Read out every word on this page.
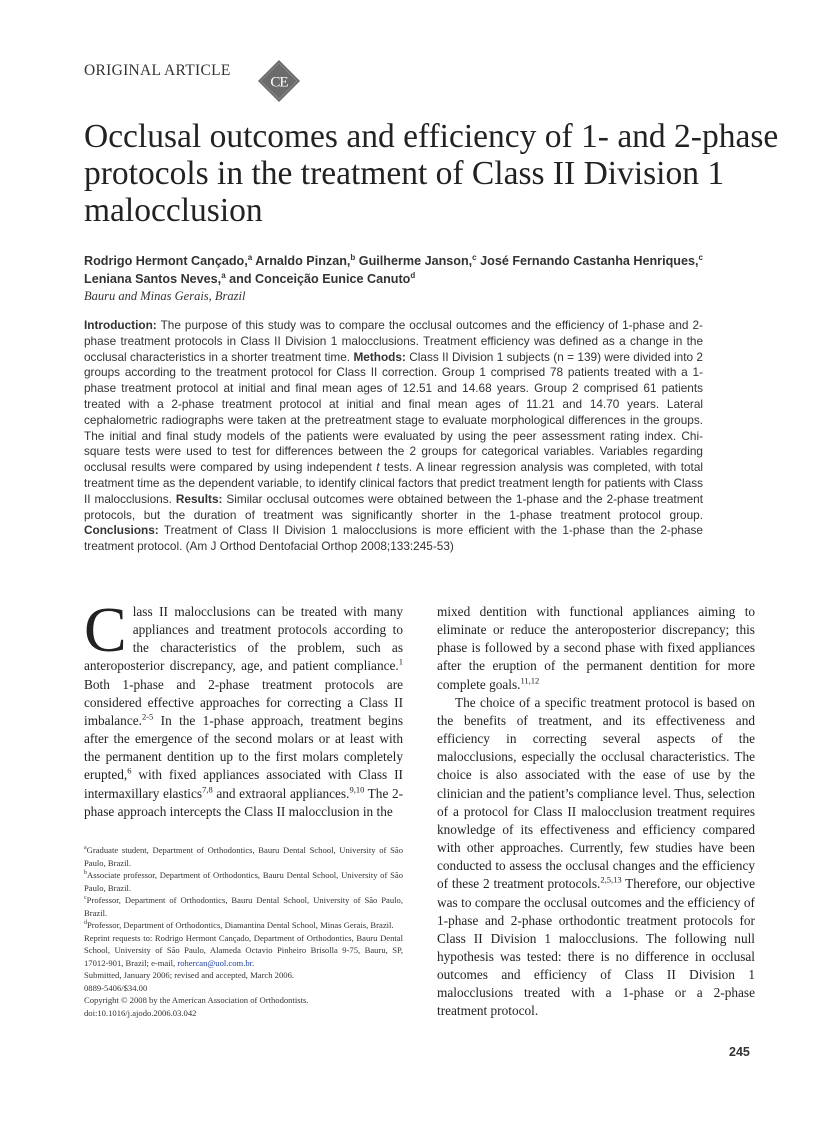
ORIGINAL ARTICLE
CE
Occlusal outcomes and efficiency of 1- and 2-phase protocols in the treatment of Class II Division 1 malocclusion
Rodrigo Hermont Cançado,$^a$ Arnaldo Pinzan,$^b$ Guilherme Janson,$^c$ José Fernando Castanha Henriques,$^c$
Leniana Santos Neves,$^a$ and Conceição Eunice Canuto$^d$
Bauru and Minas Gerais, Brazil
Introduction: The purpose of this study was to compare the occlusal outcomes and the efficiency of 1-phase and 2-phase treatment protocols in Class II Division 1 malocclusions. Treatment efficiency was defined as a change in the occlusal characteristics in a shorter treatment time. Methods: Class II Division 1 subjects (n = 139) were divided into 2 groups according to the treatment protocol for Class II correction. Group 1 comprised 78 patients treated with a 1-phase treatment protocol at initial and final mean ages of 12.51 and 14.68 years. Group 2 comprised 61 patients treated with a 2-phase treatment protocol at initial and final mean ages of 11.21 and 14.70 years. Lateral cephalometric radiographs were taken at the pretreatment stage to evaluate morphological differences in the groups. The initial and final study models of the patients were evaluated by using the peer assessment rating index. Chi-square tests were used to test for differences between the 2 groups for categorical variables. Variables regarding occlusal results were compared by using independent t tests. A linear regression analysis was completed, with total treatment time as the dependent variable, to identify clinical factors that predict treatment length for patients with Class II malocclusions. Results: Similar occlusal outcomes were obtained between the 1-phase and the 2-phase treatment protocols, but the duration of treatment was significantly shorter in the 1-phase treatment protocol group. Conclusions: Treatment of Class II Division 1 malocclusions is more efficient with the 1-phase than the 2-phase treatment protocol. (Am J Orthod Dentofacial Orthop 2008;133:245-53)

Class II malocclusions can be treated with many appliances and treatment protocols according to the characteristics of the problem, such as anteroposterior discrepancy, age, and patient compliance.$^1$ Both 1-phase and 2-phase treatment protocols are considered effective approaches for correcting a Class II imbalance.$^{2-5}$ In the 1-phase approach, treatment begins after the emergence of the second molars or at least with the permanent dentition up to the first molars completely erupted,$^6$ with fixed appliances associated with Class II intermaxillary elastics$^{7,8}$ and extraoral appliances.$^{9,10}$ The 2-phase approach intercepts the Class II malocclusion in the

$^a$Graduate student, Department of Orthodontics, Bauru Dental School, University of São Paulo, Brazil.
$^b$Associate professor, Department of Orthodontics, Bauru Dental School, University of São Paulo, Brazil.
$^c$Professor, Department of Orthodontics, Bauru Dental School, University of São Paulo, Brazil.
$^d$Professor, Department of Orthodontics, Diamantina Dental School, Minas Gerais, Brazil.
Reprint requests to: Rodrigo Hermont Cançado, Department of Orthodontics, Bauru Dental School, University of São Paulo, Alameda Octavio Pinheiro Brisolla 9-75, Bauru, SP, 17012-901, Brazil; e-mail, rohercan@uol.com.br.
Submitted, January 2006; revised and accepted, March 2006.
0889-5406/$34.00
Copyright © 2008 by the American Association of Orthodontists.
doi:10.1016/j.ajodo.2006.03.042

mixed dentition with functional appliances aiming to eliminate or reduce the anteroposterior discrepancy; this phase is followed by a second phase with fixed appliances after the eruption of the permanent dentition for more complete goals.$^{11,12}$

The choice of a specific treatment protocol is based on the benefits of treatment, and its effectiveness and efficiency in correcting several aspects of the malocclusions, especially the occlusal characteristics. The choice is also associated with the ease of use by the clinician and the patient’s compliance level. Thus, selection of a protocol for Class II malocclusion treatment requires knowledge of its effectiveness and efficiency compared with other approaches. Currently, few studies have been conducted to assess the occlusal changes and the efficiency of these 2 treatment protocols.$^{2,5,13}$ Therefore, our objective was to compare the occlusal outcomes and the efficiency of 1-phase and 2-phase orthodontic treatment protocols for Class II Division 1 malocclusions. The following null hypothesis was tested: there is no difference in occlusal outcomes and efficiency of Class II Division 1 malocclusions treated with a 1-phase or a 2-phase treatment protocol.

245
